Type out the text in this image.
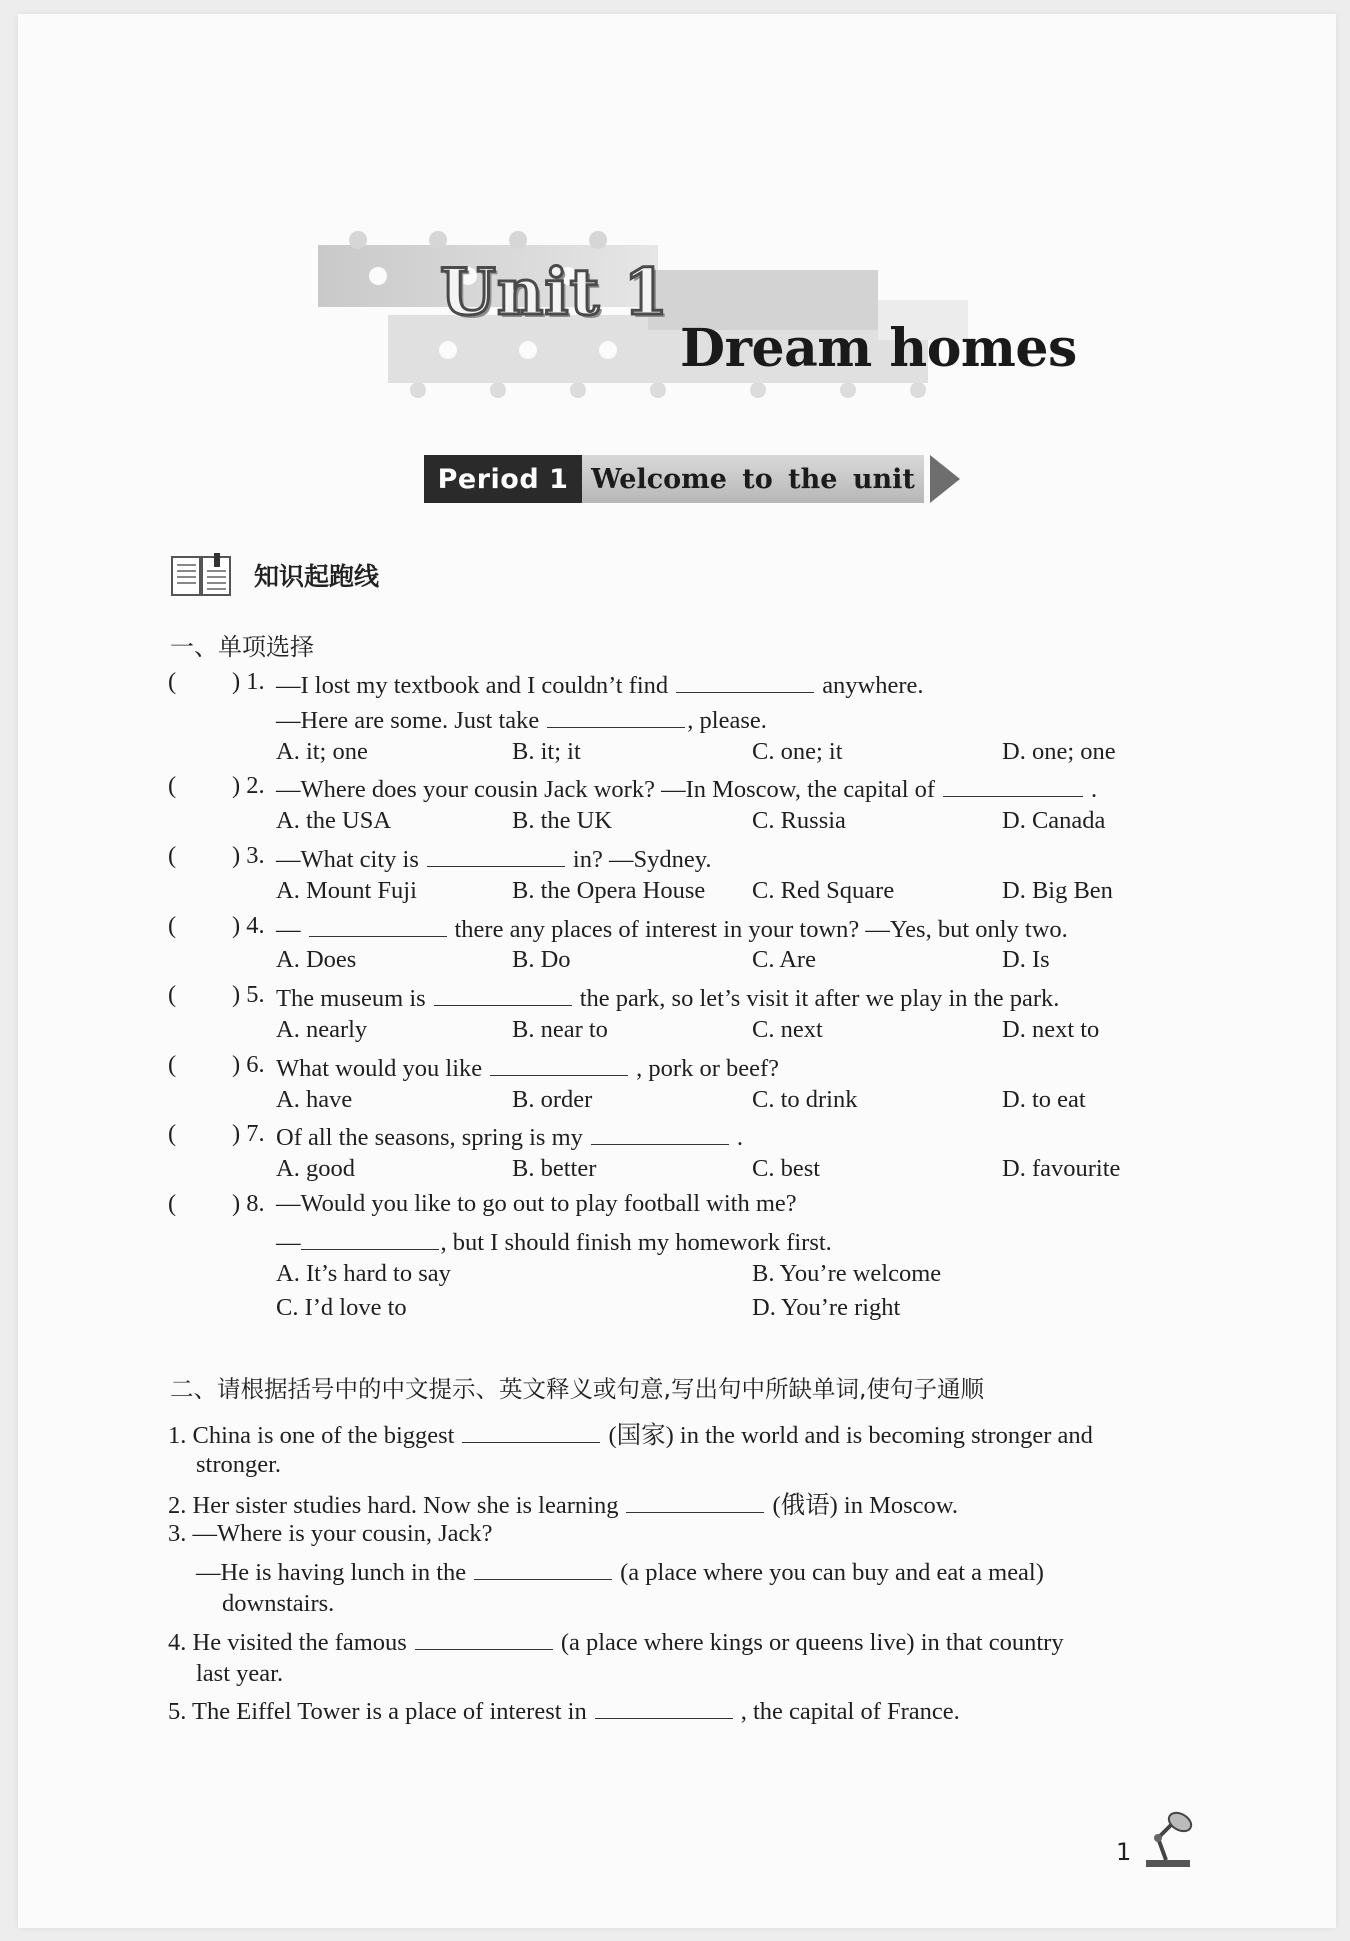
Unit 1
Dream homes
Period 1 Welcome to the unit
知识起跑线
一、单项选择
( ) 1. —I lost my textbook and I couldn’t find	anywhere.
—Here are some. Just take	, please.
A. it; one	B. it; it	C. one; it	D. one; one
( ) 2. —Where does your cousin Jack work? —In Moscow, the capital of	.
A. the USA	B. the UK	C. Russia	D. Canada
( ) 3. —What city is	in? —Sydney.
A. Mount Fuji	B. the Opera House C. Red Square	D. Big Ben
( ) 4. —	there any places of interest in your town? —Yes, but only two.
A. Does	B. Do	C. Are	D. Is
( ) 5. The museum is	the park, so let’s visit it after we play in the park.
A. nearly	B. near to	C. next	D. next to
( ) 6. What would you like	, pork or beef?
A. have	B. order	C. to drink	D. to eat
( ) 7. Of all the seasons, spring is my	.
A. good	B. better	C. best	D. favourite
( ) 8. —Would you like to go out to play football with me?
—	, but I should finish my homework first.
A. It’s hard to say	B. You’re welcome
C. I’d love to	D. You’re right
二、请根据括号中的中文提示、英文释义或句意,写出句中所缺单词,使句子通顺
1. China is one of the biggest	(国家) in the world and is becoming stronger and
stronger.
2. Her sister studies hard. Now she is learning	(俄语) in Moscow.
3. —Where is your cousin, Jack?
—He is having lunch in the	(a place where you can buy and eat a meal)
downstairs.
4. He visited the famous	(a place where kings or queens live) in that country
last year.
5. The Eiffel Tower is a place of interest in	, the capital of France.
1
